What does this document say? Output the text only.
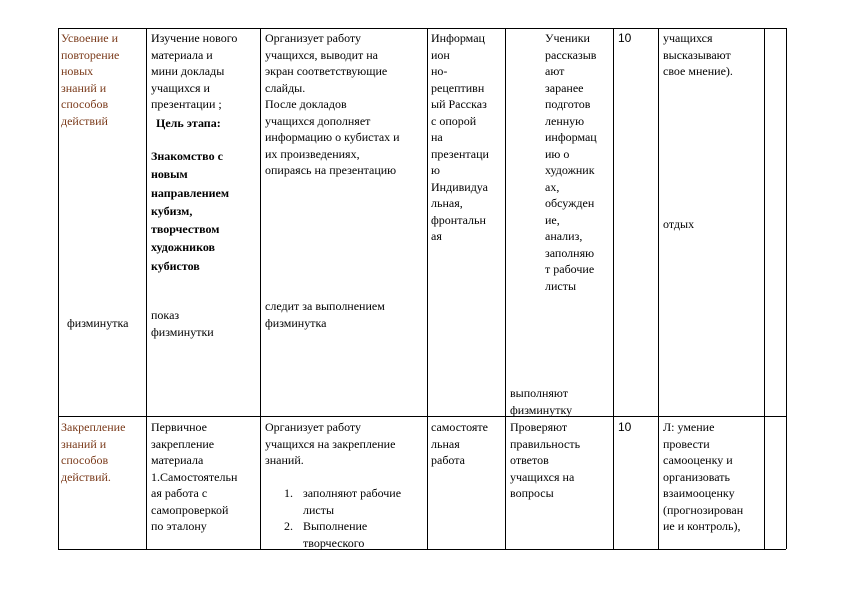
Усвоение и
повторение
новых
знаний и
способов
действий
физминутка
Изучение нового
материала и
мини доклады
учащихся и
презентации ;
Цель этапа:
Знакомство с
новым
направлением
кубизм,
творчеством
художников
кубистов
показ
физминутки
Организует работу
учащихся, выводит на
экран соответствующие
слайды.
После докладов
учащихся дополняет
информацию о кубистах и
их произведениях,
опираясь на презентацию
следит за выполнением
физминутка
Информац
ион
но-
рецептивн
ый Рассказ
с опорой
на
презентаци
ю
Индивидуа
льная,
фронтальн
ая
Ученики
рассказыв
ают
заранее
подготов
ленную
информац
ию о
художник
ах,
обсужден
ие,
анализ,
заполняю
т рабочие
листы
выполняют
физминутку
10	учащихся
высказывают
свое мнение).
отдых
Закрепление
знаний и
способов
действий.
Первичное
закрепление
материала
1.Самостоятельн
ая работа с
самопроверкой
по эталону
Организует работу
учащихся на закрепление
знаний.
1. заполняют рабочие
листы
2. Выполнение
творческого
самостояте
льная
работа
Проверяют
правильность
ответов
учащихся на
вопросы
10	Л: умение
провести
самооценку и
организовать
взаимооценку
(прогнозирован
ие и контроль),
